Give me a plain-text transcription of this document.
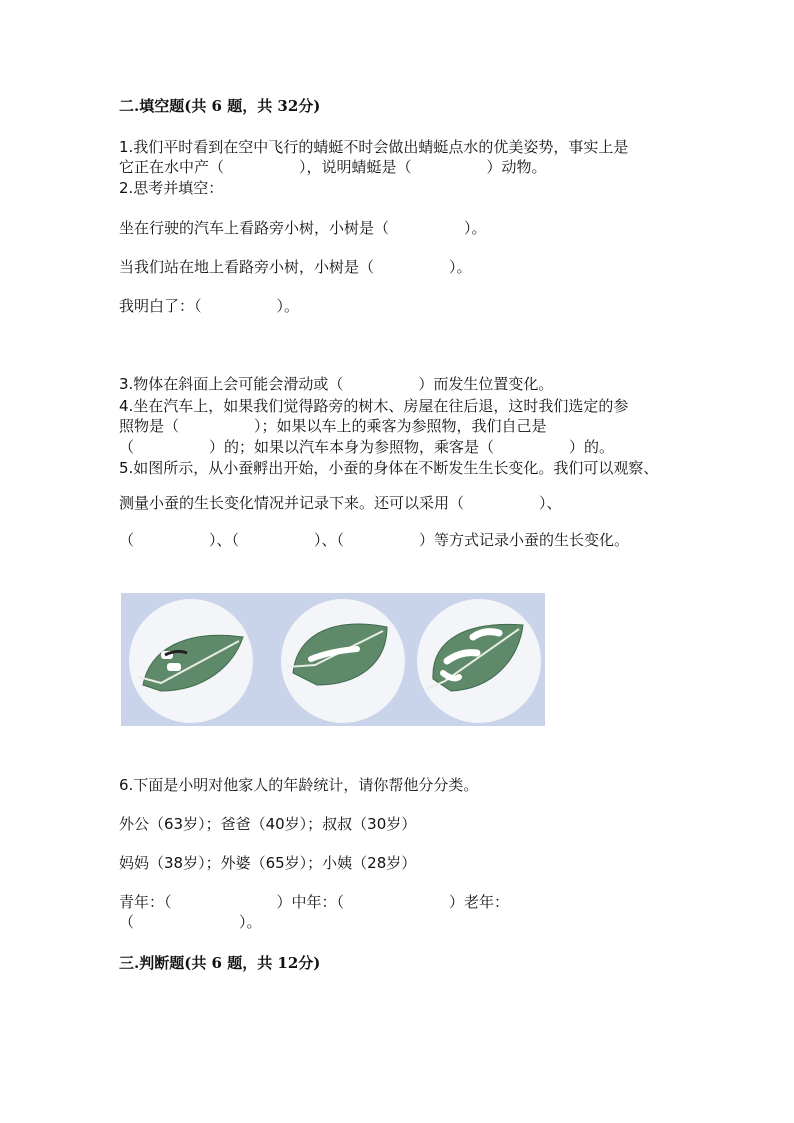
二.填空题(共 6 题，共 32分)
1.我们平时看到在空中飞行的蜻蜓不时会做出蜻蜓点水的优美姿势，事实上是
它正在水中产（　　　　　），说明蜻蜓是（　　　　　）动物。
2.思考并填空：
坐在行驶的汽车上看路旁小树，小树是（　　　　　）。
当我们站在地上看路旁小树，小树是（　　　　　）。
我明白了：（　　　　　）。
3.物体在斜面上会可能会滑动或（　　　　　）而发生位置变化。
4.坐在汽车上，如果我们觉得路旁的树木、房屋在往后退，这时我们选定的参
照物是（　　　　　）；如果以车上的乘客为参照物，我们自己是
（　　　　　）的；如果以汽车本身为参照物，乘客是（　　　　　）的。
5.如图所示，从小蚕孵出开始，小蚕的身体在不断发生生长变化。我们可以观察、
测量小蚕的生长变化情况并记录下来。还可以采用（　　　　　）、
（　　　　　）、（　　　　　）、（　　　　　）等方式记录小蚕的生长变化。
6.下面是小明对他家人的年龄统计，请你帮他分分类。
外公（63岁）；爸爸（40岁）；叔叔（30岁）
妈妈（38岁）；外婆（65岁）；小姨（28岁）
青年：（　　　　　　　）中年：（　　　　　　　）老年：
（　　　　　　　）。
三.判断题(共 6 题，共 12分)
